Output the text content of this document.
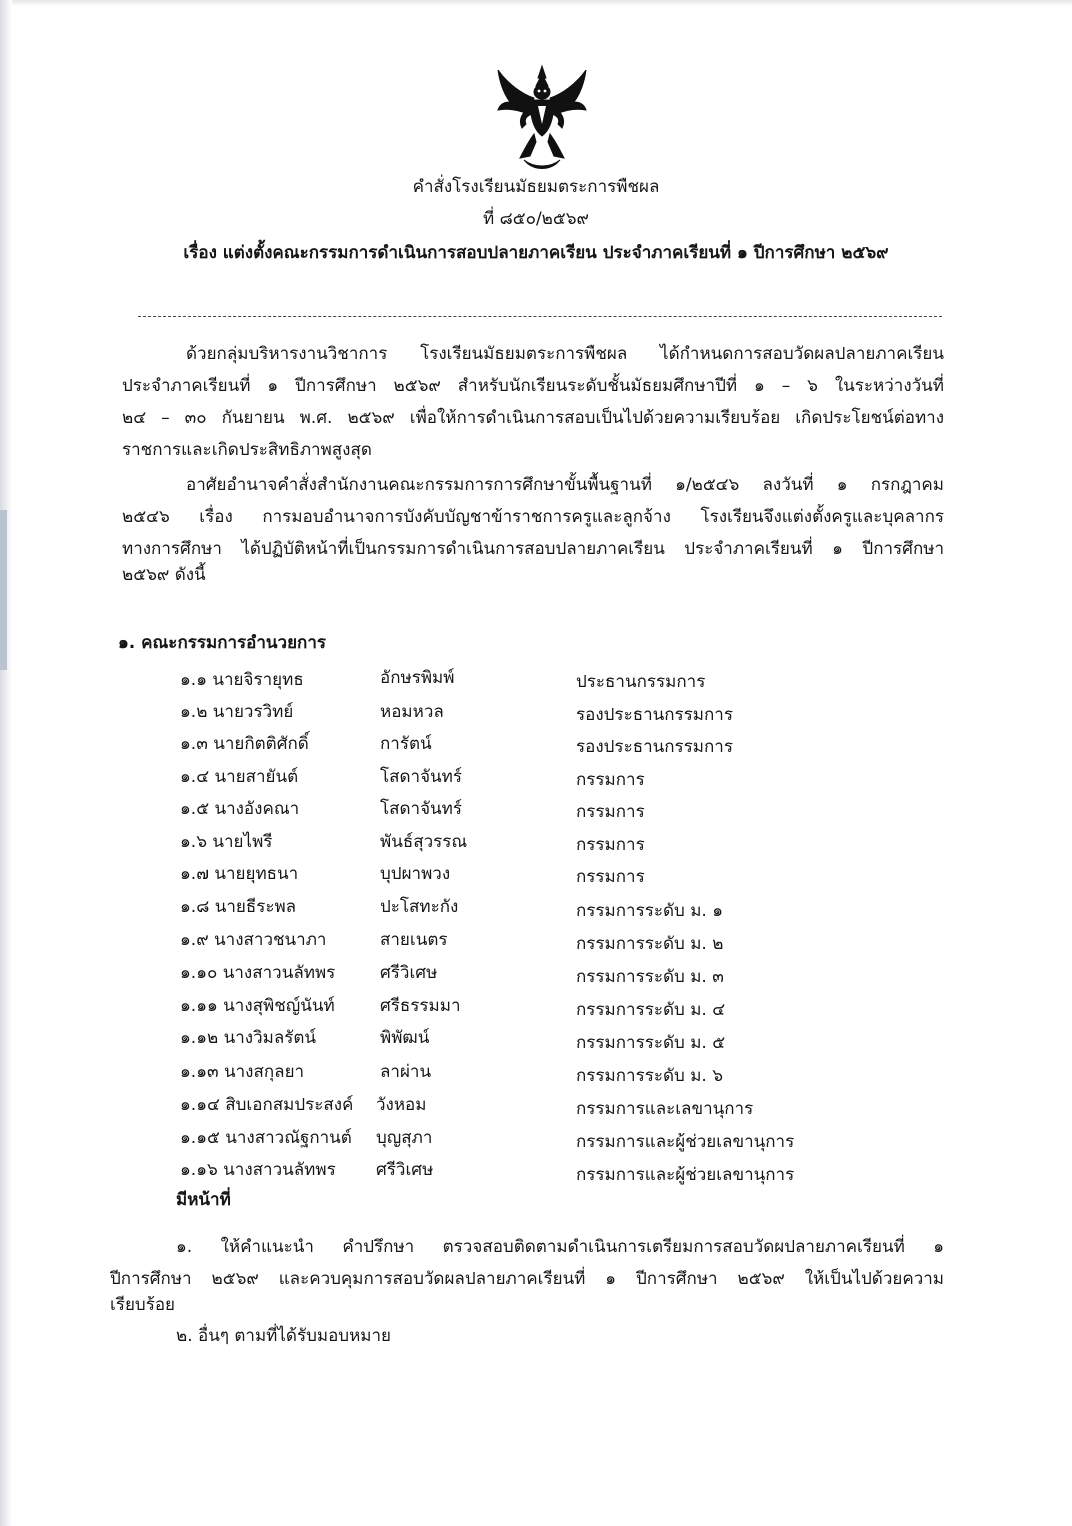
คำสั่งโรงเรียนมัธยมตระการพืชผล
ที่ ๘๕๐/๒๕๖๙
เรื่อง แต่งตั้งคณะกรรมการดำเนินการสอบปลายภาคเรียน ประจำภาคเรียนที่ ๑ ปีการศึกษา ๒๕๖๙
ด้วยกลุ่มบริหารงานวิชาการ โรงเรียนมัธยมตระการพืชผล ได้กำหนดการสอบวัดผลปลายภาคเรียน
ประจำภาคเรียนที่ ๑ ปีการศึกษา ๒๕๖๙ สำหรับนักเรียนระดับชั้นมัธยมศึกษาปีที่ ๑ – ๖ ในระหว่างวันที่
๒๔ – ๓๐ กันยายน พ.ศ. ๒๕๖๙ เพื่อให้การดำเนินการสอบเป็นไปด้วยความเรียบร้อย เกิดประโยชน์ต่อทาง
ราชการและเกิดประสิทธิภาพสูงสุด
อาศัยอำนาจคำสั่งสำนักงานคณะกรรมการการศึกษาขั้นพื้นฐานที่ ๑/๒๕๔๖ ลงวันที่ ๑ กรกฎาคม
๒๕๔๖ เรื่อง การมอบอำนาจการบังคับบัญชาข้าราชการครูและลูกจ้าง โรงเรียนจึงแต่งตั้งครูและบุคลากร
ทางการศึกษา ได้ปฏิบัติหน้าที่เป็นกรรมการดำเนินการสอบปลายภาคเรียน ประจำภาคเรียนที่ ๑ ปีการศึกษา
๒๕๖๙ ดังนี้
๑. คณะกรรมการอำนวยการ
๑.๑ นายจิรายุทธ	อักษรพิมพ์	ประธานกรรมการ
๑.๒ นายวรวิทย์	หอมหวล	รองประธานกรรมการ
๑.๓ นายกิตติศักดิ์	การัตน์	รองประธานกรรมการ
๑.๔ นายสายันต์	โสดาจันทร์	กรรมการ
๑.๕ นางอังคณา	โสดาจันทร์	กรรมการ
๑.๖ นายไพรี	พันธ์สุวรรณ	กรรมการ
๑.๗ นายยุทธนา	บุปผาพวง	กรรมการ
๑.๘ นายธีระพล	ปะโสทะกัง	กรรมการระดับ ม. ๑
๑.๙ นางสาวชนาภา	สายเนตร	กรรมการระดับ ม. ๒
๑.๑๐ นางสาวนลัทพร	ศรีวิเศษ	กรรมการระดับ ม. ๓
๑.๑๑ นางสุพิชญ์นันท์	ศรีธรรมมา	กรรมการระดับ ม. ๔
๑.๑๒ นางวิมลรัตน์	พิพัฒน์	กรรมการระดับ ม. ๕
๑.๑๓ นางสกุลยา	ลาผ่าน	กรรมการระดับ ม. ๖
๑.๑๔ สิบเอกสมประสงค์ วังหอม	กรรมการและเลขานุการ
๑.๑๕ นางสาวณัฐกานต์ บุญสุภา	กรรมการและผู้ช่วยเลขานุการ
๑.๑๖ นางสาวนลัทพร ศรีวิเศษ	กรรมการและผู้ช่วยเลขานุการ
มีหน้าที่
๑. ให้คำแนะนำ คำปรึกษา ตรวจสอบติดตามดำเนินการเตรียมการสอบวัดผปลายภาคเรียนที่ ๑
ปีการศึกษา ๒๕๖๙ และควบคุมการสอบวัดผลปลายภาคเรียนที่ ๑ ปีการศึกษา ๒๕๖๙ ให้เป็นไปด้วยความ
เรียบร้อย
๒. อื่นๆ ตามที่ได้รับมอบหมาย
